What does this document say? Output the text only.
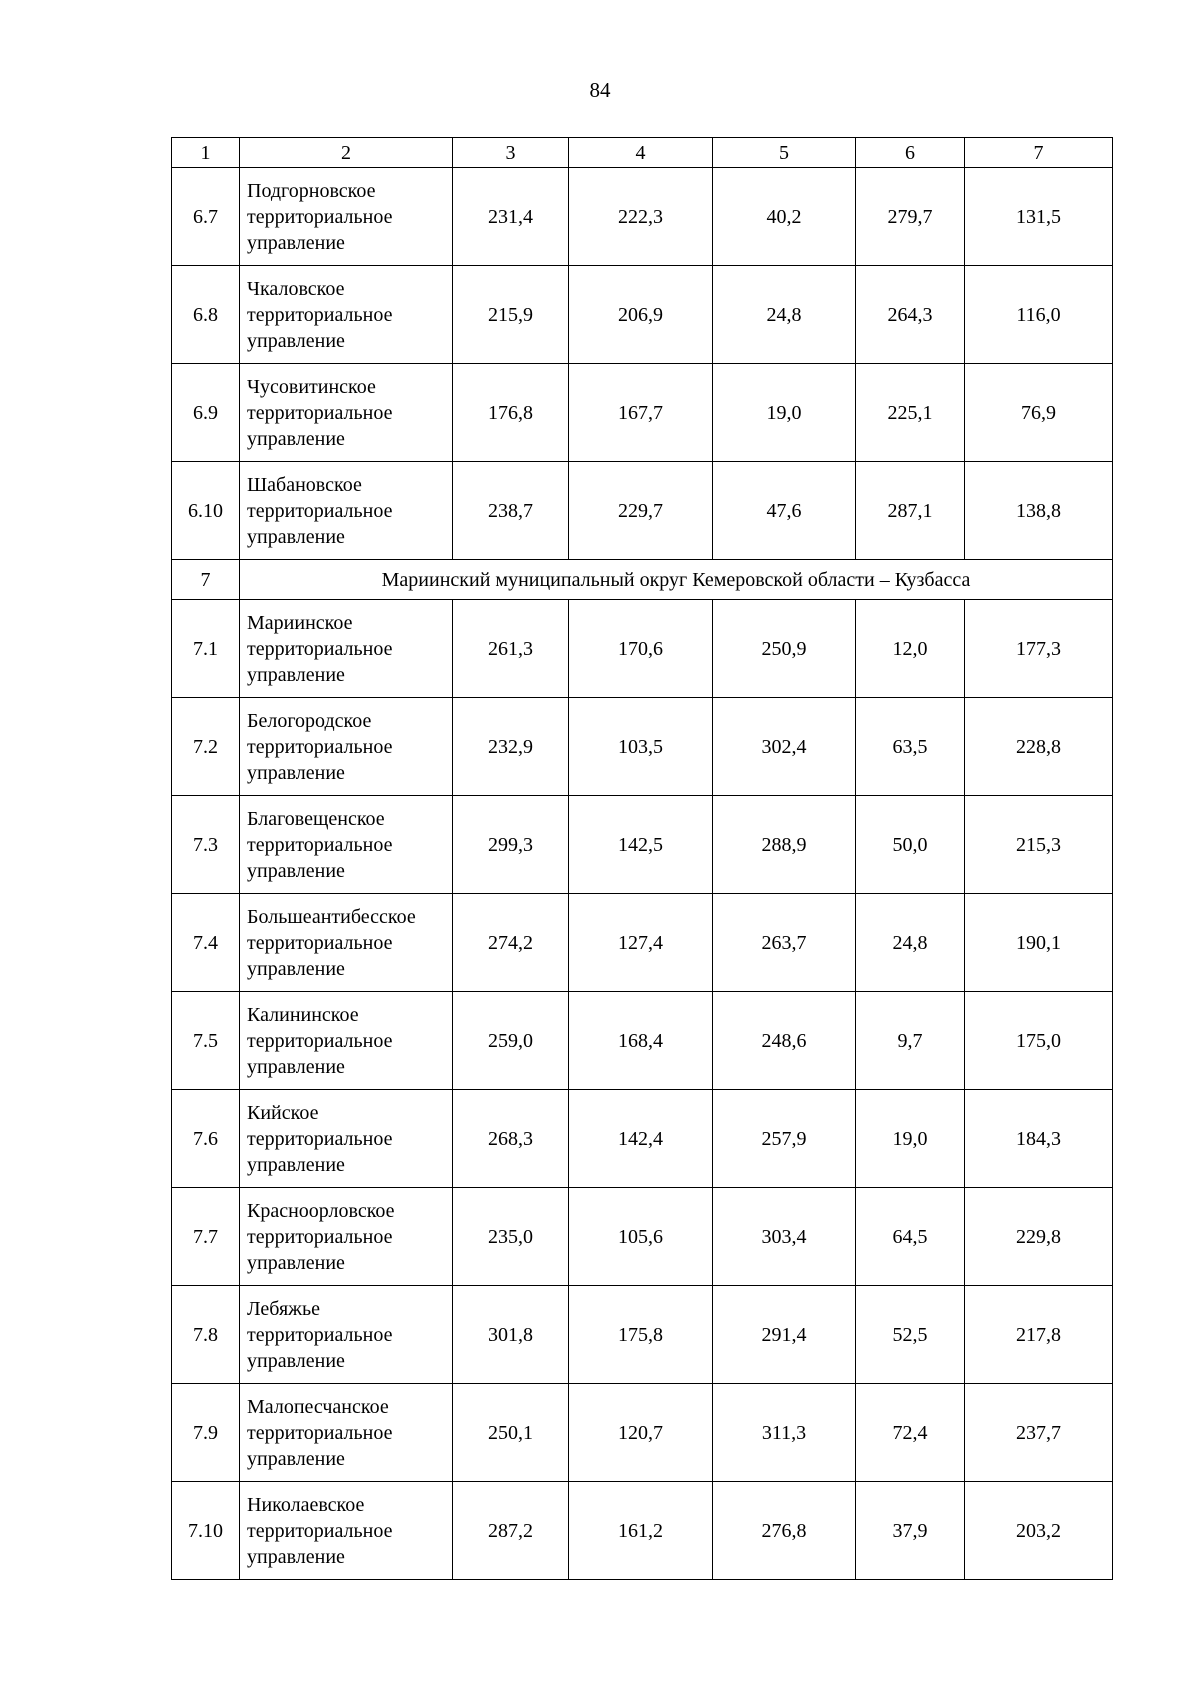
84
1	2	3	4	5	6	7
6.7	Подгорновское
территориальное
управление	231,4	222,3	40,2	279,7	131,5
6.8	Чкаловское
территориальное
управление	215,9	206,9	24,8	264,3	116,0
6.9	Чусовитинское
территориальное
управление	176,8	167,7	19,0	225,1	76,9
6.10	Шабановское
территориальное
управление	238,7	229,7	47,6	287,1	138,8
7	Мариинский муниципальный округ Кемеровской области – Кузбасса					
7.1	Мариинское
территориальное
управление	261,3	170,6	250,9	12,0	177,3
7.2	Белогородское
территориальное
управление	232,9	103,5	302,4	63,5	228,8
7.3	Благовещенское
территориальное
управление	299,3	142,5	288,9	50,0	215,3
7.4	Большеантибесское
территориальное
управление	274,2	127,4	263,7	24,8	190,1
7.5	Калининское
территориальное
управление	259,0	168,4	248,6	9,7	175,0
7.6	Кийское
территориальное
управление	268,3	142,4	257,9	19,0	184,3
7.7	Красноорловское
территориальное
управление	235,0	105,6	303,4	64,5	229,8
7.8	Лебяжье
территориальное
управление	301,8	175,8	291,4	52,5	217,8
7.9	Малопесчанское
территориальное
управление	250,1	120,7	311,3	72,4	237,7
7.10	Николаевское
территориальное
управление	287,2	161,2	276,8	37,9	203,2
